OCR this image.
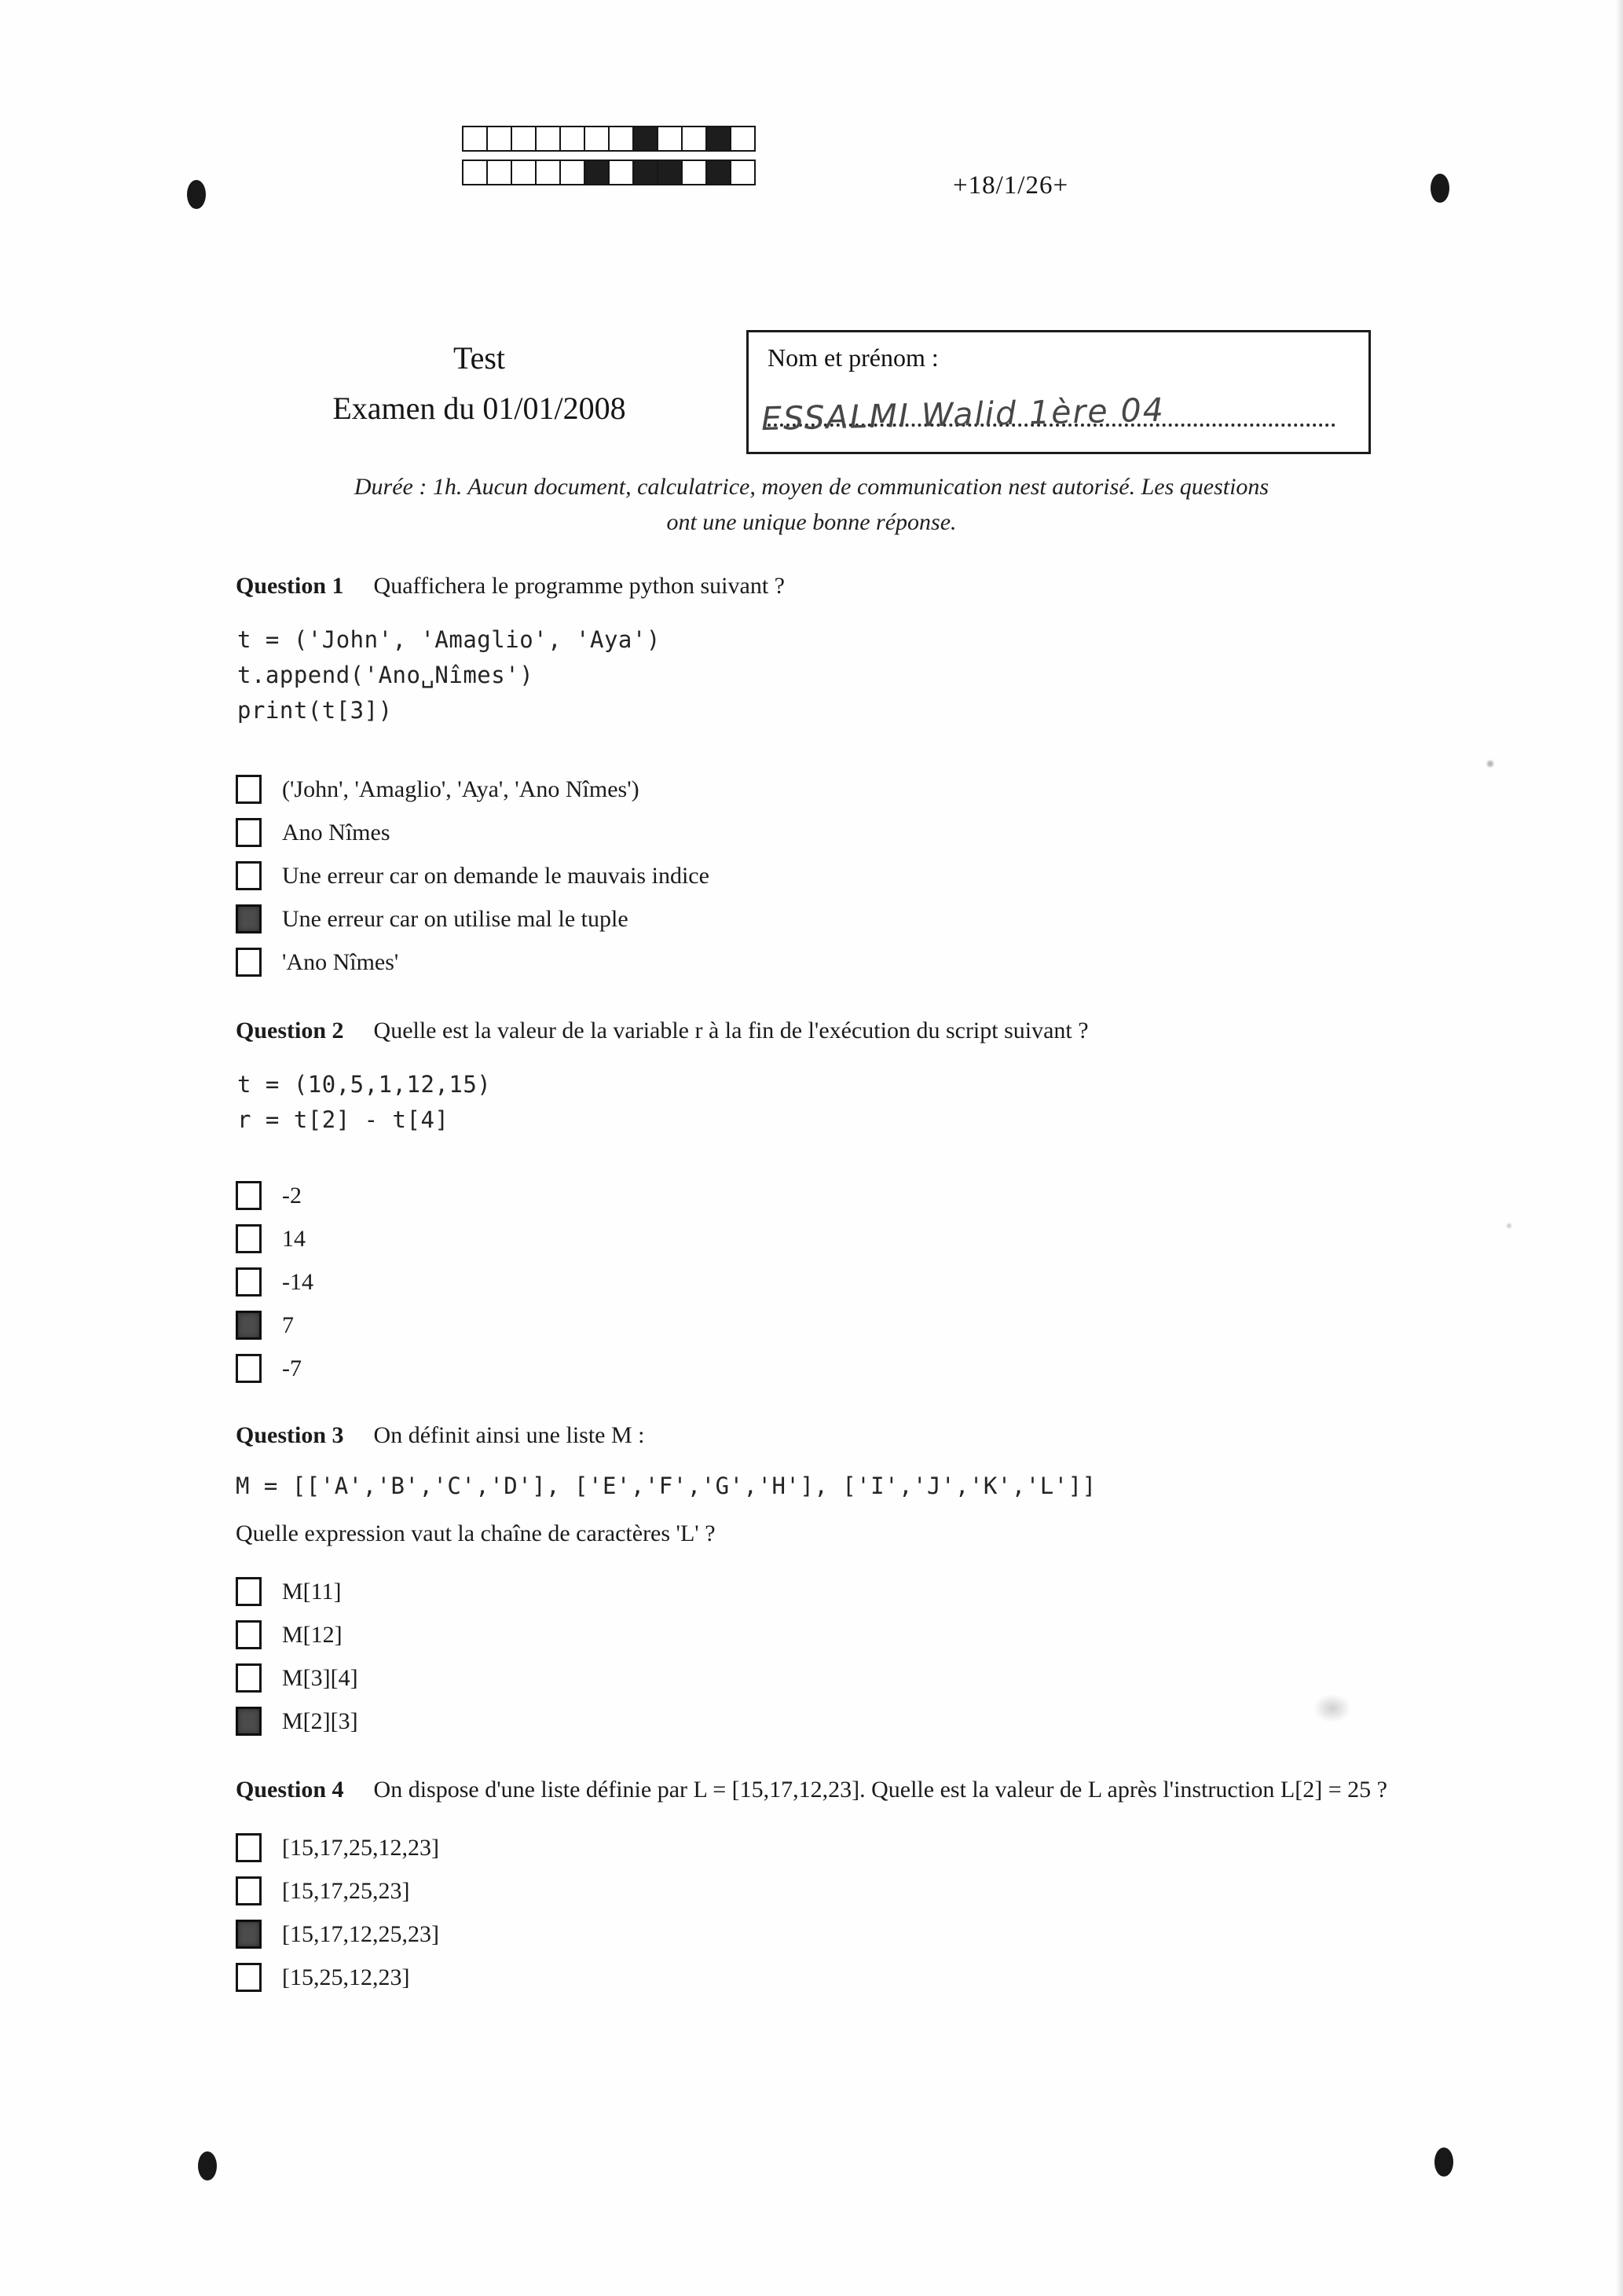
+18/1/26+
Test
Examen du 01/01/2008
Nom et prénom :
ESSALMI Walid 1ère 04
Durée : 1h. Aucun document, calculatrice, moyen de communication nest autorisé. Les questions
ont une unique bonne réponse.

Question 1 Quaffichera le programme python suivant ?

t = ('John', 'Amaglio', 'Aya')
t.append('Ano␣Nîmes')
print(t[3])
('John', 'Amaglio', 'Aya', 'Ano Nîmes')
Ano Nîmes
Une erreur car on demande le mauvais indice
Une erreur car on utilise mal le tuple
'Ano Nîmes'

Question 2 Quelle est la valeur de la variable r à la fin de l'exécution du script suivant ?

t = (10,5,1,12,15)
r = t[2] - t[4]
-2
14
-14
7
-7

Question 3 On définit ainsi une liste M :

M = [['A','B','C','D'], ['E','F','G','H'], ['I','J','K','L']]

Quelle expression vaut la chaîne de caractères 'L' ?

M[11]
M[12]
M[3][4]
M[2][3]

Question 4 On dispose d'une liste définie par L = [15,17,12,23]. Quelle est la valeur de L après l'instruction L[2] = 25 ?

[15,17,25,12,23]
[15,17,25,23]
[15,17,12,25,23]
[15,25,12,23]
